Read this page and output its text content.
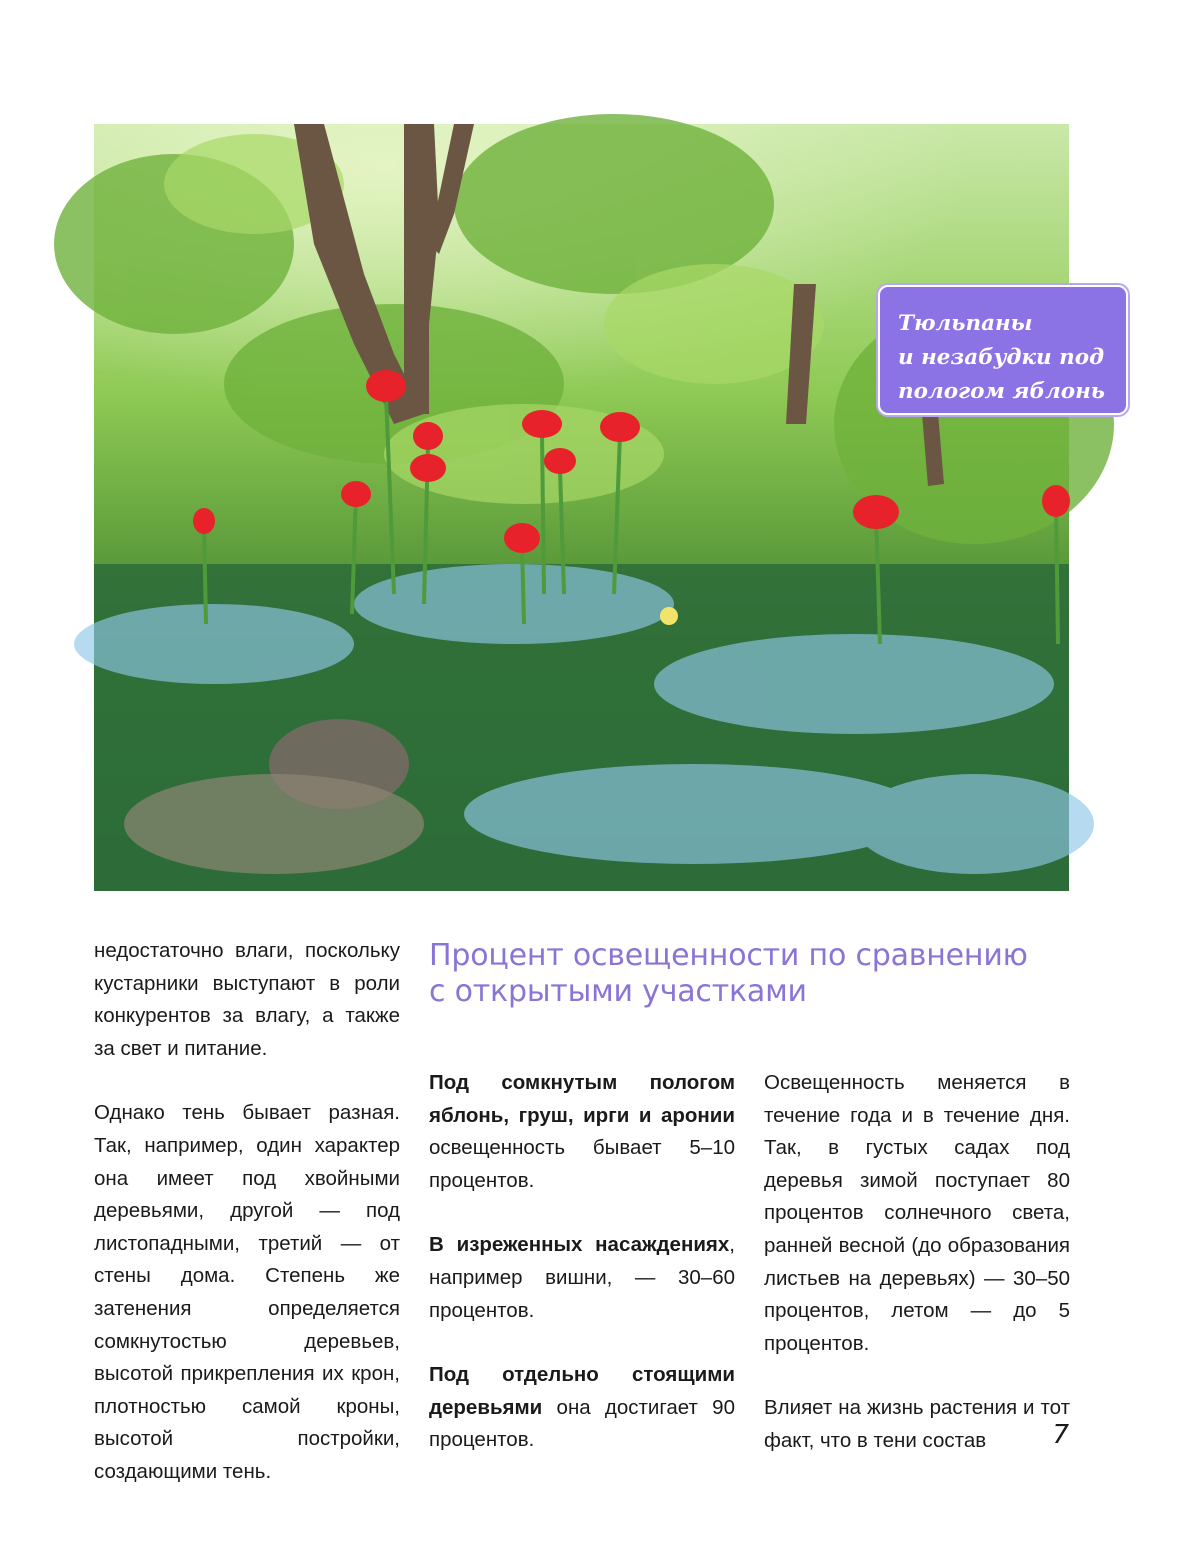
Тюльпаны
и незабудки под
пологом яблонь

недостаточно влаги, поскольку кустарники выступают в роли конкурентов за влагу, а также за свет и питание.

Однако тень бывает разная. Так, например, один характер она имеет под хвойными деревьями, другой — под листопадными, третий — от стены дома. Степень же затенения определяется сомкнутостью деревьев, высотой прикрепления их крон, плотностью самой кроны, высотой постройки, создающими тень.

Процент освещенности по сравнению
с открытыми участками

Под сомкнутым пологом яблонь, груш, ирги и аронии освещенность бывает 5–10 процентов.

В изреженных насаждениях, например вишни, — 30–60 процентов.

Под отдельно стоящими деревьями она достигает 90 процентов.

Освещенность меняется в течение года и в течение дня. Так, в густых садах под деревья зимой поступает 80 процентов солнечного света, ранней весной (до образования листьев на деревьях) — 30–50 процентов, летом — до 5 процентов.

Влияет на жизнь растения и тот факт, что в тени состав	7
